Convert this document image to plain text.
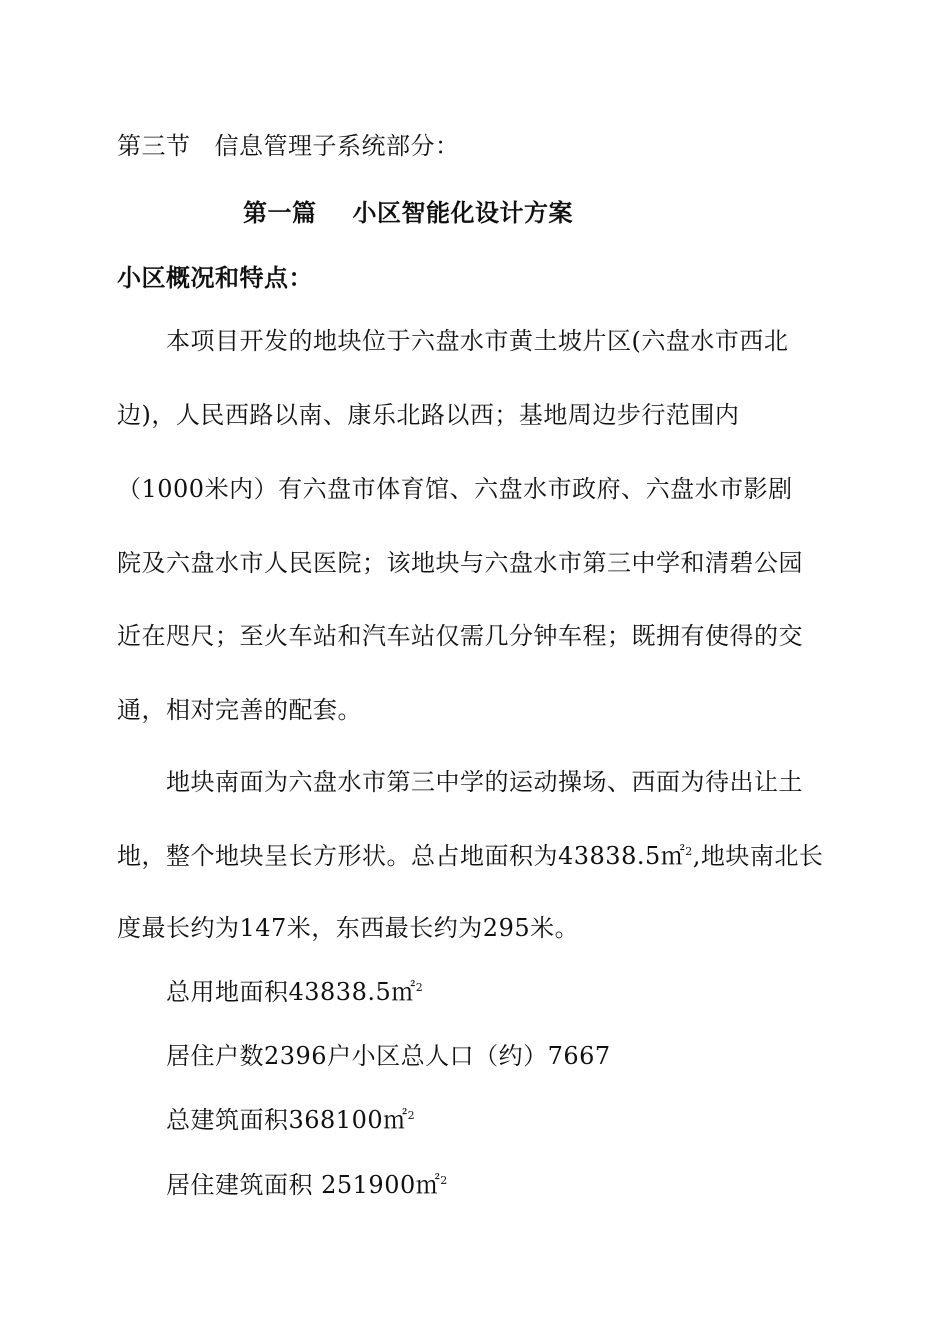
第三节 信息管理子系统部分：
第一篇 小区智能化设计方案
小区概况和特点：
本项目开发的地块位于六盘水市黄土坡片区(六盘水市西北
边)，人民西路以南、康乐北路以西；基地周边步行范围内
（1000米内）有六盘市体育馆、六盘水市政府、六盘水市影剧
院及六盘水市人民医院；该地块与六盘水市第三中学和清碧公园
近在咫尺；至火车站和汽车站仅需几分钟车程；既拥有使得的交
通，相对完善的配套。
地块南面为六盘水市第三中学的运动操场、西面为待出让土
地，整个地块呈长方形状。总占地面积为43838.5㎡$^2$,地块南北长
度最长约为147米，东西最长约为295米。
总用地面积43838.5㎡$^2$
居住户数2396户小区总人口（约）7667
总建筑面积368100㎡$^2$
居住建筑面积 251900㎡$^2$
